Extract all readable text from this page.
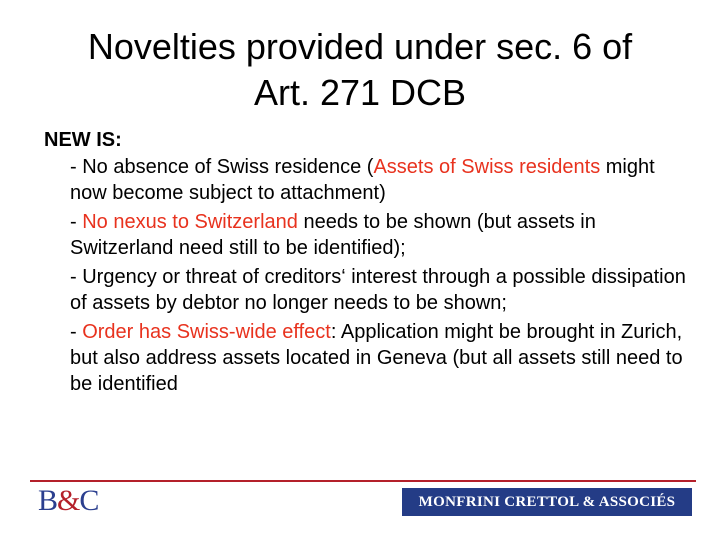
Novelties provided under sec. 6 of
Art. 271 DCB
NEW IS:
- No absence of Swiss residence (Assets of Swiss residents might now become subject to attachment)
- No nexus to Switzerland needs to be shown (but assets in Switzerland need still to be identified);
- Urgency or threat of creditors‘ interest through a possible dissipation of assets by debtor no longer needs to be shown;
- Order has Swiss-wide effect: Application might be brought in Zurich, but also address assets located in Geneva (but all assets still need to be identified
B&C	MONFRINI CRETTOL & ASSOCIÉS
